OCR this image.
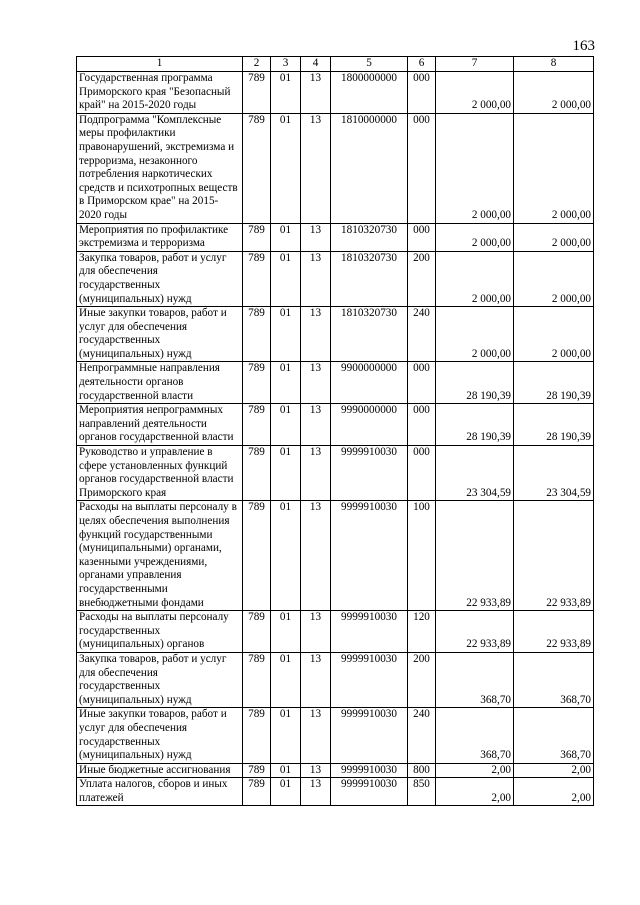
163
1	2	3	4	5	6	7	8
Государственная программа Приморского края "Безопасный край" на 2015-2020 годы	789	01	13	1800000000	000	2 000,00	2 000,00
Подпрограмма "Комплексные меры профилактики правонарушений, экстремизма и терроризма, незаконного потребления наркотических средств и психотропных веществ в Приморском крае" на 2015-2020 годы	789	01	13	1810000000	000	2 000,00	2 000,00
Мероприятия по профилактике экстремизма и терроризма	789	01	13	1810320730	000	2 000,00	2 000,00
Закупка товаров, работ и услуг для обеспечения государственных (муниципальных) нужд	789	01	13	1810320730	200	2 000,00	2 000,00
Иные закупки товаров, работ и услуг для обеспечения государственных (муниципальных) нужд	789	01	13	1810320730	240	2 000,00	2 000,00
Непрограммные направления деятельности органов государственной власти	789	01	13	9900000000	000	28 190,39	28 190,39
Мероприятия непрограммных направлений деятельности органов государственной власти	789	01	13	9990000000	000	28 190,39	28 190,39
Руководство и управление в сфере установленных функций органов государственной власти Приморского края	789	01	13	9999910030	000	23 304,59	23 304,59
Расходы на выплаты персоналу в целях обеспечения выполнения функций государственными (муниципальными) органами, казенными учреждениями, органами управления государственными внебюджетными фондами	789	01	13	9999910030	100	22 933,89	22 933,89
Расходы на выплаты персоналу государственных (муниципальных) органов	789	01	13	9999910030	120	22 933,89	22 933,89
Закупка товаров, работ и услуг для обеспечения государственных (муниципальных) нужд	789	01	13	9999910030	200	368,70	368,70
Иные закупки товаров, работ и услуг для обеспечения государственных (муниципальных) нужд	789	01	13	9999910030	240	368,70	368,70
Иные бюджетные ассигнования	789	01	13	9999910030	800	2,00	2,00
Уплата налогов, сборов и иных платежей	789	01	13	9999910030	850	2,00	2,00
